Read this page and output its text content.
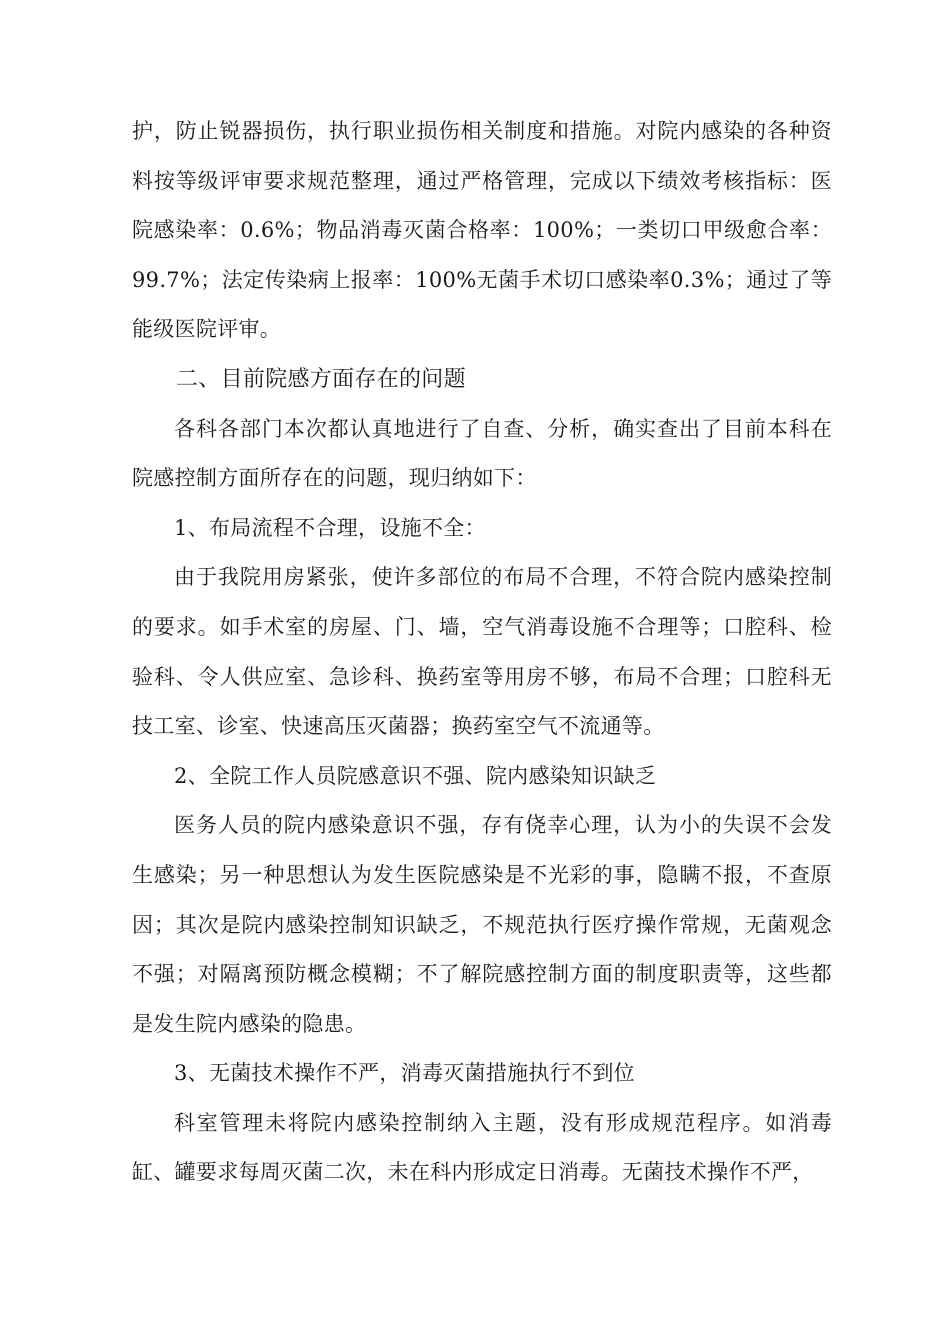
护，防止锐器损伤，执行职业损伤相关制度和措施。对院内感染的各种资料按等级评审要求规范整理，通过严格管理，完成以下绩效考核指标：医院感染率：0.6%；物品消毒灭菌合格率：100%；一类切口甲级愈合率：99.7%；法定传染病上报率：100%无菌手术切口感染率0.3%；通过了等能级医院评审。

二、目前院感方面存在的问题

各科各部门本次都认真地进行了自查、分析，确实查出了目前本科在院感控制方面所存在的问题，现归纳如下：

1、布局流程不合理，设施不全：

由于我院用房紧张，使许多部位的布局不合理，不符合院内感染控制的要求。如手术室的房屋、门、墙，空气消毒设施不合理等；口腔科、检验科、令人供应室、急诊科、换药室等用房不够，布局不合理；口腔科无技工室、诊室、快速高压灭菌器；换药室空气不流通等。

2、全院工作人员院感意识不强、院内感染知识缺乏

医务人员的院内感染意识不强，存有侥幸心理，认为小的失误不会发生感染；另一种思想认为发生医院感染是不光彩的事，隐瞒不报，不查原因；其次是院内感染控制知识缺乏，不规范执行医疗操作常规，无菌观念不强；对隔离预防概念模糊；不了解院感控制方面的制度职责等，这些都是发生院内感染的隐患。

3、无菌技术操作不严，消毒灭菌措施执行不到位

科室管理未将院内感染控制纳入主题，没有形成规范程序。如消毒缸、罐要求每周灭菌二次，未在科内形成定日消毒。无菌技术操作不严，
